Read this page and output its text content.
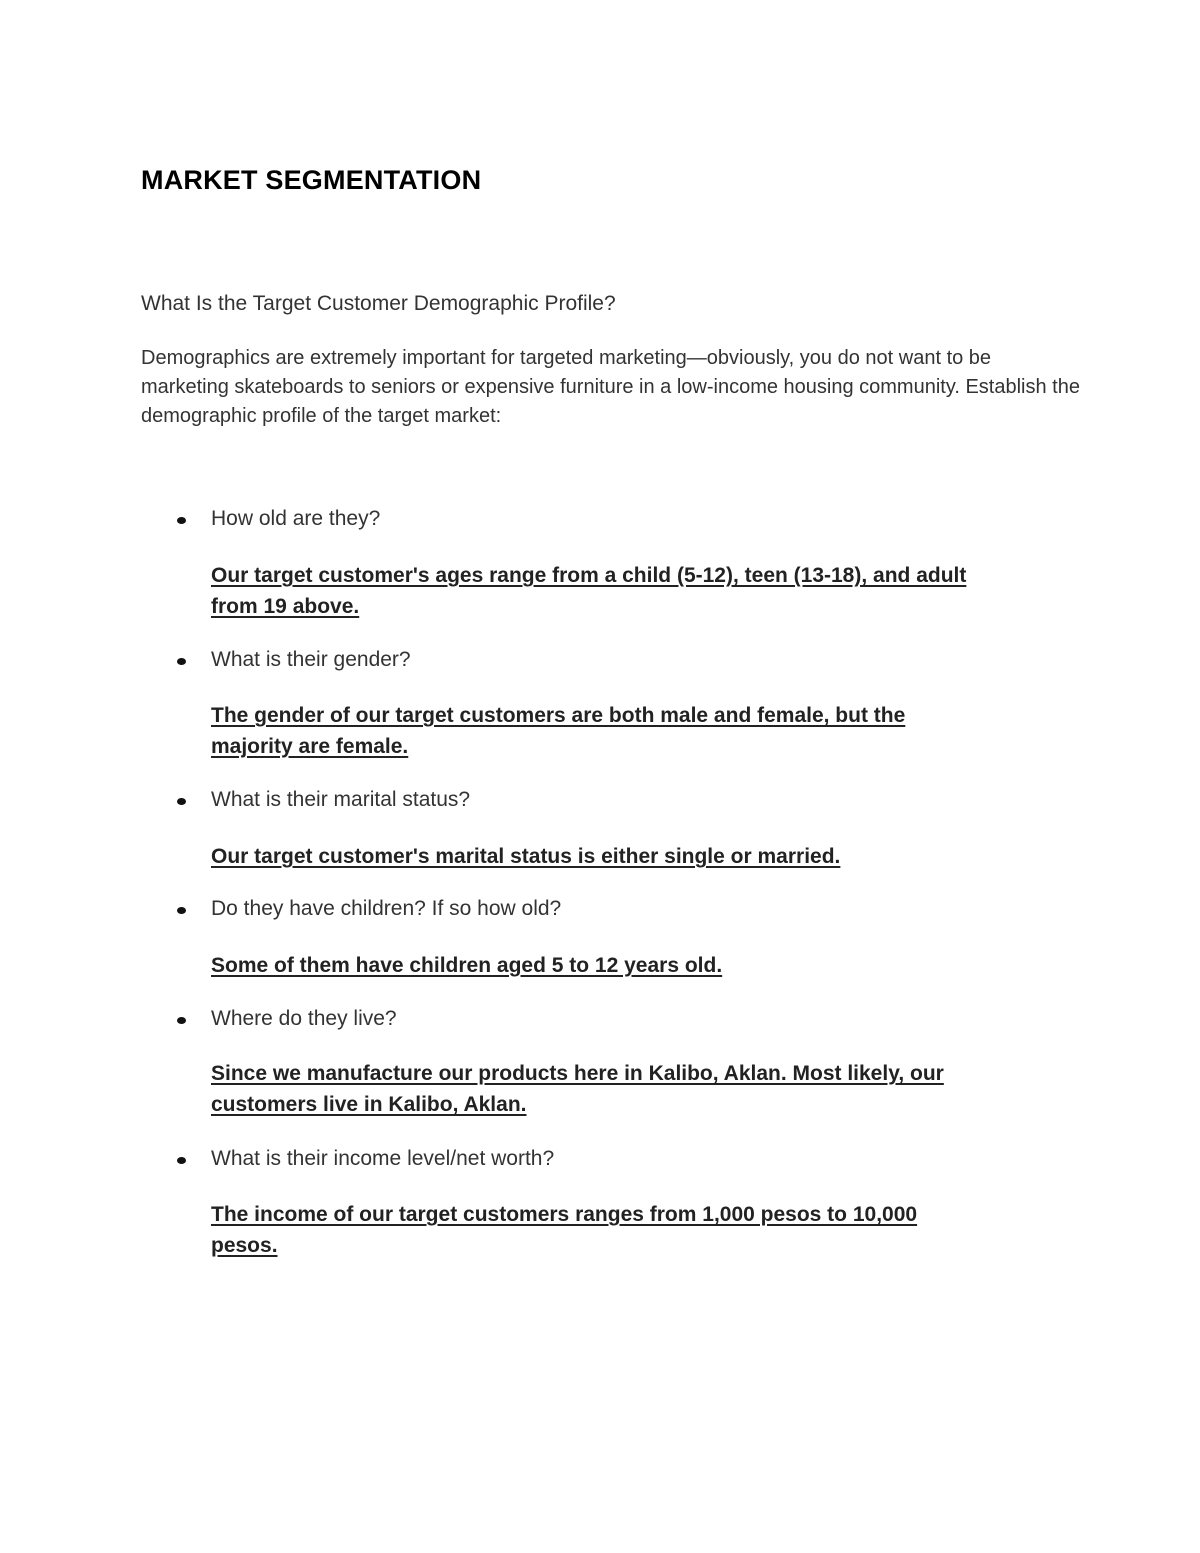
MARKET SEGMENTATION
What Is the Target Customer Demographic Profile?

Demographics are extremely important for targeted marketing—obviously, you do not want to be marketing skateboards to seniors or expensive furniture in a low-income housing community. Establish the demographic profile of the target market:

How old are they?

Our target customer's ages range from a child (5-12), teen (13-18), and adult
from 19 above.

What is their gender?

The gender of our target customers are both male and female, but the
majority are female.

What is their marital status?

Our target customer's marital status is either single or married.

Do they have children? If so how old?

Some of them have children aged 5 to 12 years old.

Where do they live?

Since we manufacture our products here in Kalibo, Aklan. Most likely, our
customers live in Kalibo, Aklan.

What is their income level/net worth?

The income of our target customers ranges from 1,000 pesos to 10,000
pesos.
